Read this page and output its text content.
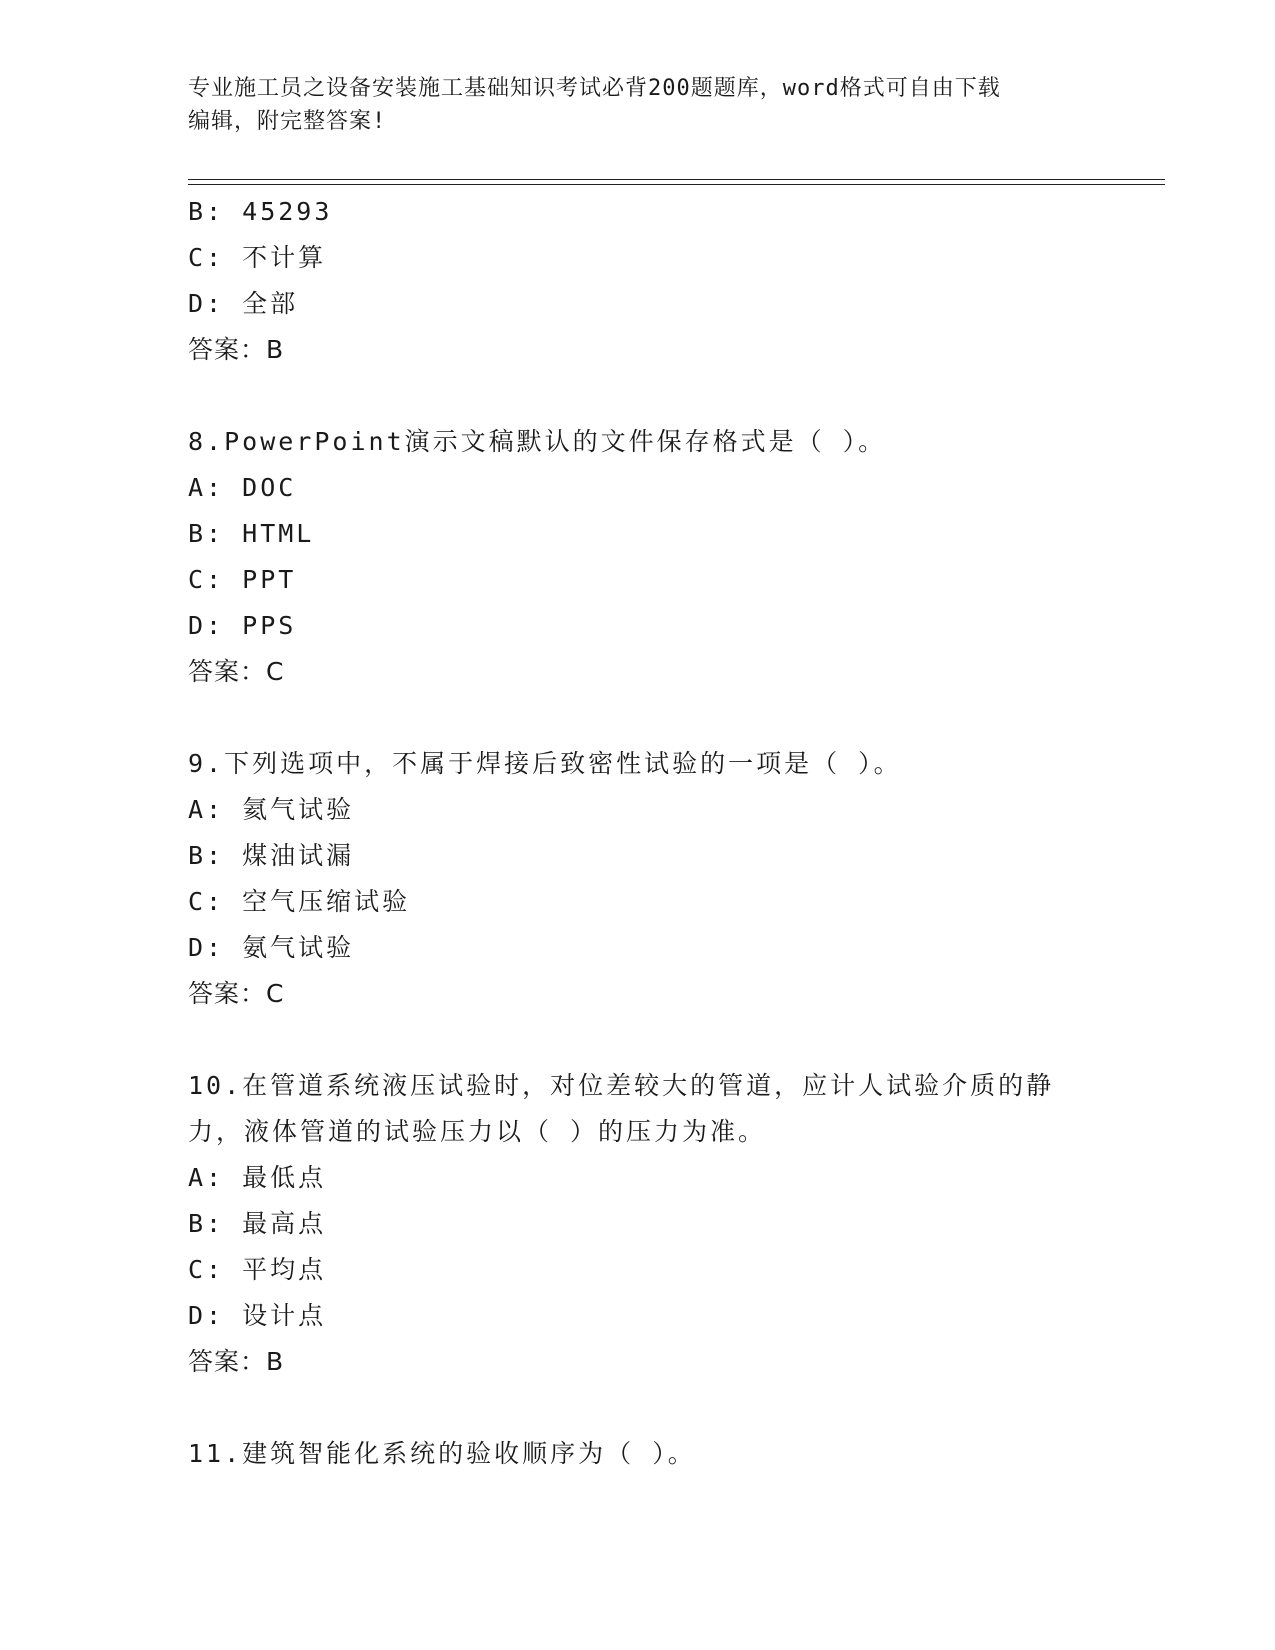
专业施工员之设备安装施工基础知识考试必背200题题库，word格式可自由下载
编辑，附完整答案!
B: 45293
C: 不计算
D: 全部
答案：B
8.PowerPoint演示文稿默认的文件保存格式是（ ）。
A: DOC
B: HTML
C: PPT
D: PPS
答案：C
9.下列选项中，不属于焊接后致密性试验的一项是（ ）。
A: 氦气试验
B: 煤油试漏
C: 空气压缩试验
D: 氨气试验
答案：C
10.在管道系统液压试验时，对位差较大的管道，应计人试验介质的静
力，液体管道的试验压力以（ ）的压力为准。
A: 最低点
B: 最高点
C: 平均点
D: 设计点
答案：B
11.建筑智能化系统的验收顺序为（ ）。
